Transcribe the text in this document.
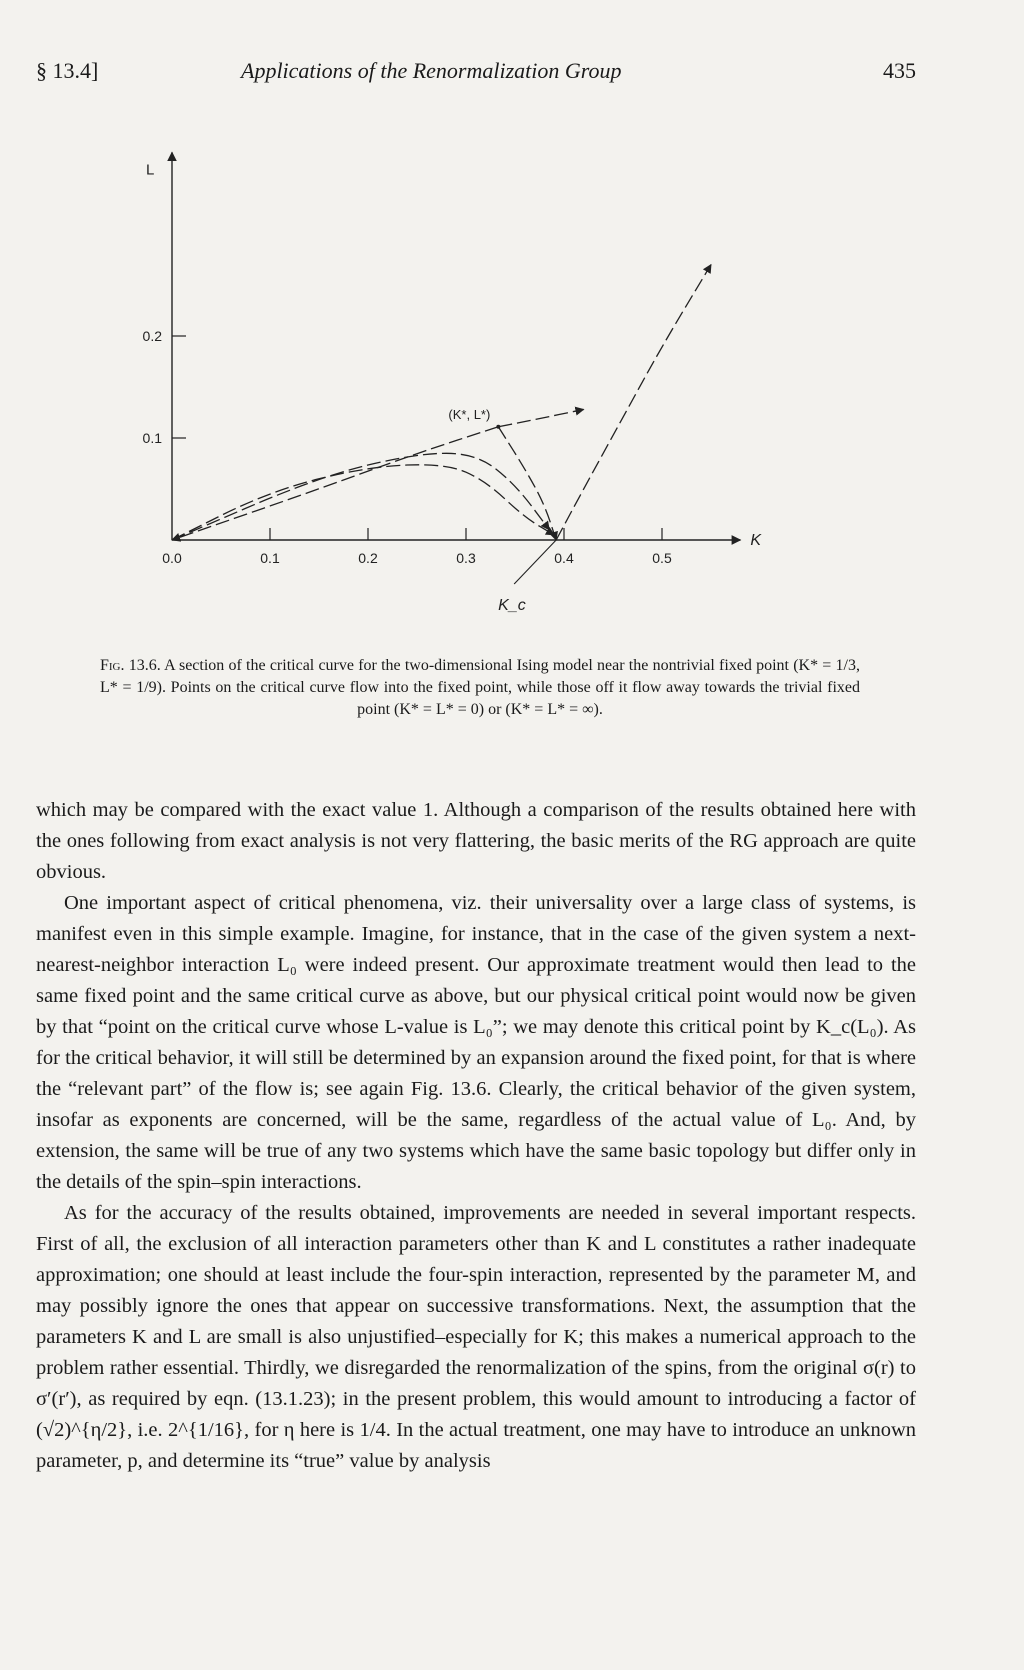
§ 13.4]	Applications of the Renormalization Group	435
0.0	0.1	0.2	0.3	0.4	0.5
0.1
0.2
K
L
(K*, L*)
K_c
Fig. 13.6. A section of the critical curve for the two-dimensional Ising model near the nontrivial fixed point (K* = 1/3, L* = 1/9). Points on the critical curve flow into the fixed point, while those off it flow away towards the trivial fixed point (K* = L* = 0) or (K* = L* = ∞).

which may be compared with the exact value 1. Although a comparison of the results obtained here with the ones following from exact analysis is not very flattering, the basic merits of the RG approach are quite obvious.

One important aspect of critical phenomena, viz. their universality over a large class of systems, is manifest even in this simple example. Imagine, for instance, that in the case of the given system a next-nearest-neighbor interaction L₀ were indeed present. Our approximate treatment would then lead to the same fixed point and the same critical curve as above, but our physical critical point would now be given by that “point on the critical curve whose L-value is L₀”; we may denote this critical point by K_c(L₀). As for the critical behavior, it will still be determined by an expansion around the fixed point, for that is where the “relevant part” of the flow is; see again Fig. 13.6. Clearly, the critical behavior of the given system, insofar as exponents are concerned, will be the same, regardless of the actual value of L₀. And, by extension, the same will be true of any two systems which have the same basic topology but differ only in the details of the spin–spin interactions.

As for the accuracy of the results obtained, improvements are needed in several important respects. First of all, the exclusion of all interaction parameters other than K and L constitutes a rather inadequate approximation; one should at least include the four-spin interaction, represented by the parameter M, and may possibly ignore the ones that appear on successive transformations. Next, the assumption that the parameters K and L are small is also unjustified–especially for K; this makes a numerical approach to the problem rather essential. Thirdly, we disregarded the renormalization of the spins, from the original σ(r) to σ′(r′), as required by eqn. (13.1.23); in the present problem, this would amount to introducing a factor of (√2)^{η/2}, i.e. 2^{1/16}, for η here is 1/4. In the actual treatment, one may have to introduce an unknown parameter, p, and determine its “true” value by analysis
